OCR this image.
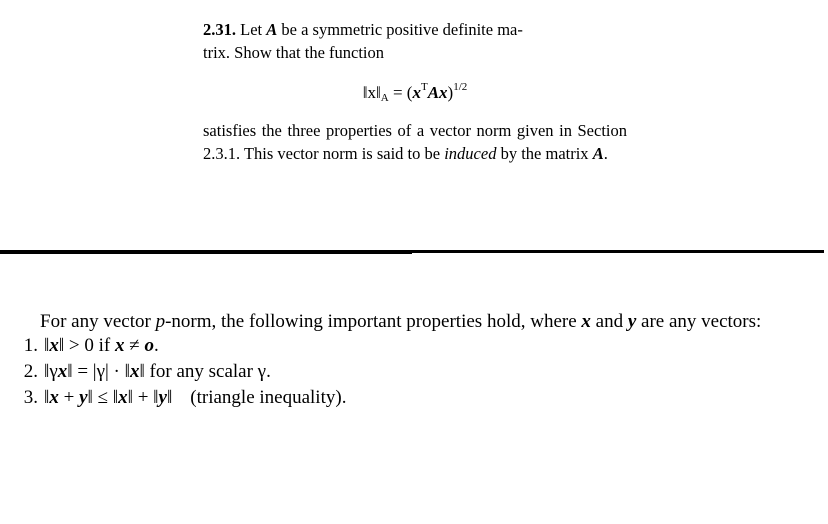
2.31. Let A be a symmetric positive definite ma-
trix. Show that the function

$‖x‖_A = (x^TAx)^{1/2}$

satisfies the three properties of a vector norm given in Section 2.3.1. This vector norm is said to be induced by the matrix A.

For any vector p-norm, the following important properties hold, where x and y are any vectors:

1. ‖x‖ > 0 if x ≠ o.
2. ‖γx‖ = |γ| · ‖x‖ for any scalar γ.
3. ‖x + y‖ ≤ ‖x‖ + ‖y‖ (triangle inequality).
